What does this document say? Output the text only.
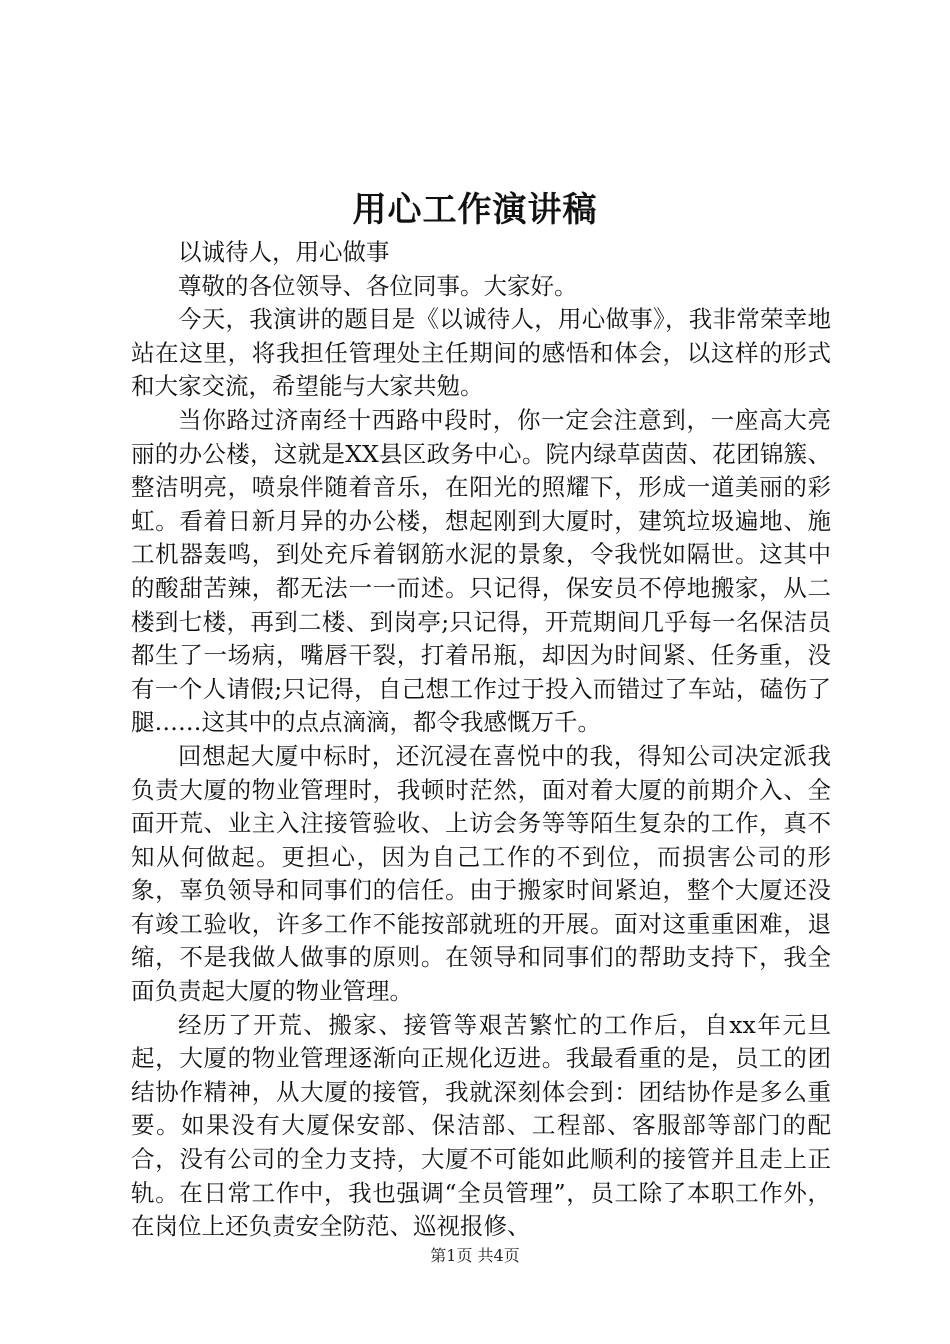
用心工作演讲稿

以诚待人，用心做事

尊敬的各位领导、各位同事。大家好。

今天，我演讲的题目是《以诚待人，用心做事》，我非常荣幸地站在这里，将我担任管理处主任期间的感悟和体会，以这样的形式和大家交流，希望能与大家共勉。

当你路过济南经十西路中段时，你一定会注意到，一座高大亮丽的办公楼，这就是XX县区政务中心。院内绿草茵茵、花团锦簇、整洁明亮，喷泉伴随着音乐，在阳光的照耀下，形成一道美丽的彩虹。看着日新月异的办公楼，想起刚到大厦时，建筑垃圾遍地、施工机器轰鸣，到处充斥着钢筋水泥的景象，令我恍如隔世。这其中的酸甜苦辣，都无法一一而述。只记得，保安员不停地搬家，从二楼到七楼，再到二楼、到岗亭;只记得，开荒期间几乎每一名保洁员都生了一场病，嘴唇干裂，打着吊瓶，却因为时间紧、任务重，没有一个人请假;只记得，自己想工作过于投入而错过了车站，磕伤了腿……这其中的点点滴滴，都令我感慨万千。

回想起大厦中标时，还沉浸在喜悦中的我，得知公司决定派我负责大厦的物业管理时，我顿时茫然，面对着大厦的前期介入、全面开荒、业主入注接管验收、上访会务等等陌生复杂的工作，真不知从何做起。更担心，因为自己工作的不到位，而损害公司的形象，辜负领导和同事们的信任。由于搬家时间紧迫，整个大厦还没有竣工验收，许多工作不能按部就班的开展。面对这重重困难，退缩，不是我做人做事的原则。在领导和同事们的帮助支持下，我全面负责起大厦的物业管理。

经历了开荒、搬家、接管等艰苦繁忙的工作后，自xx年元旦起，大厦的物业管理逐渐向正规化迈进。我最看重的是，员工的团结协作精神，从大厦的接管，我就深刻体会到：团结协作是多么重要。如果没有大厦保安部、保洁部、工程部、客服部等部门的配合，没有公司的全力支持，大厦不可能如此顺利的接管并且走上正轨。在日常工作中，我也强调“全员管理”，员工除了本职工作外，在岗位上还负责安全防范、巡视报修、

第1页 共4页
